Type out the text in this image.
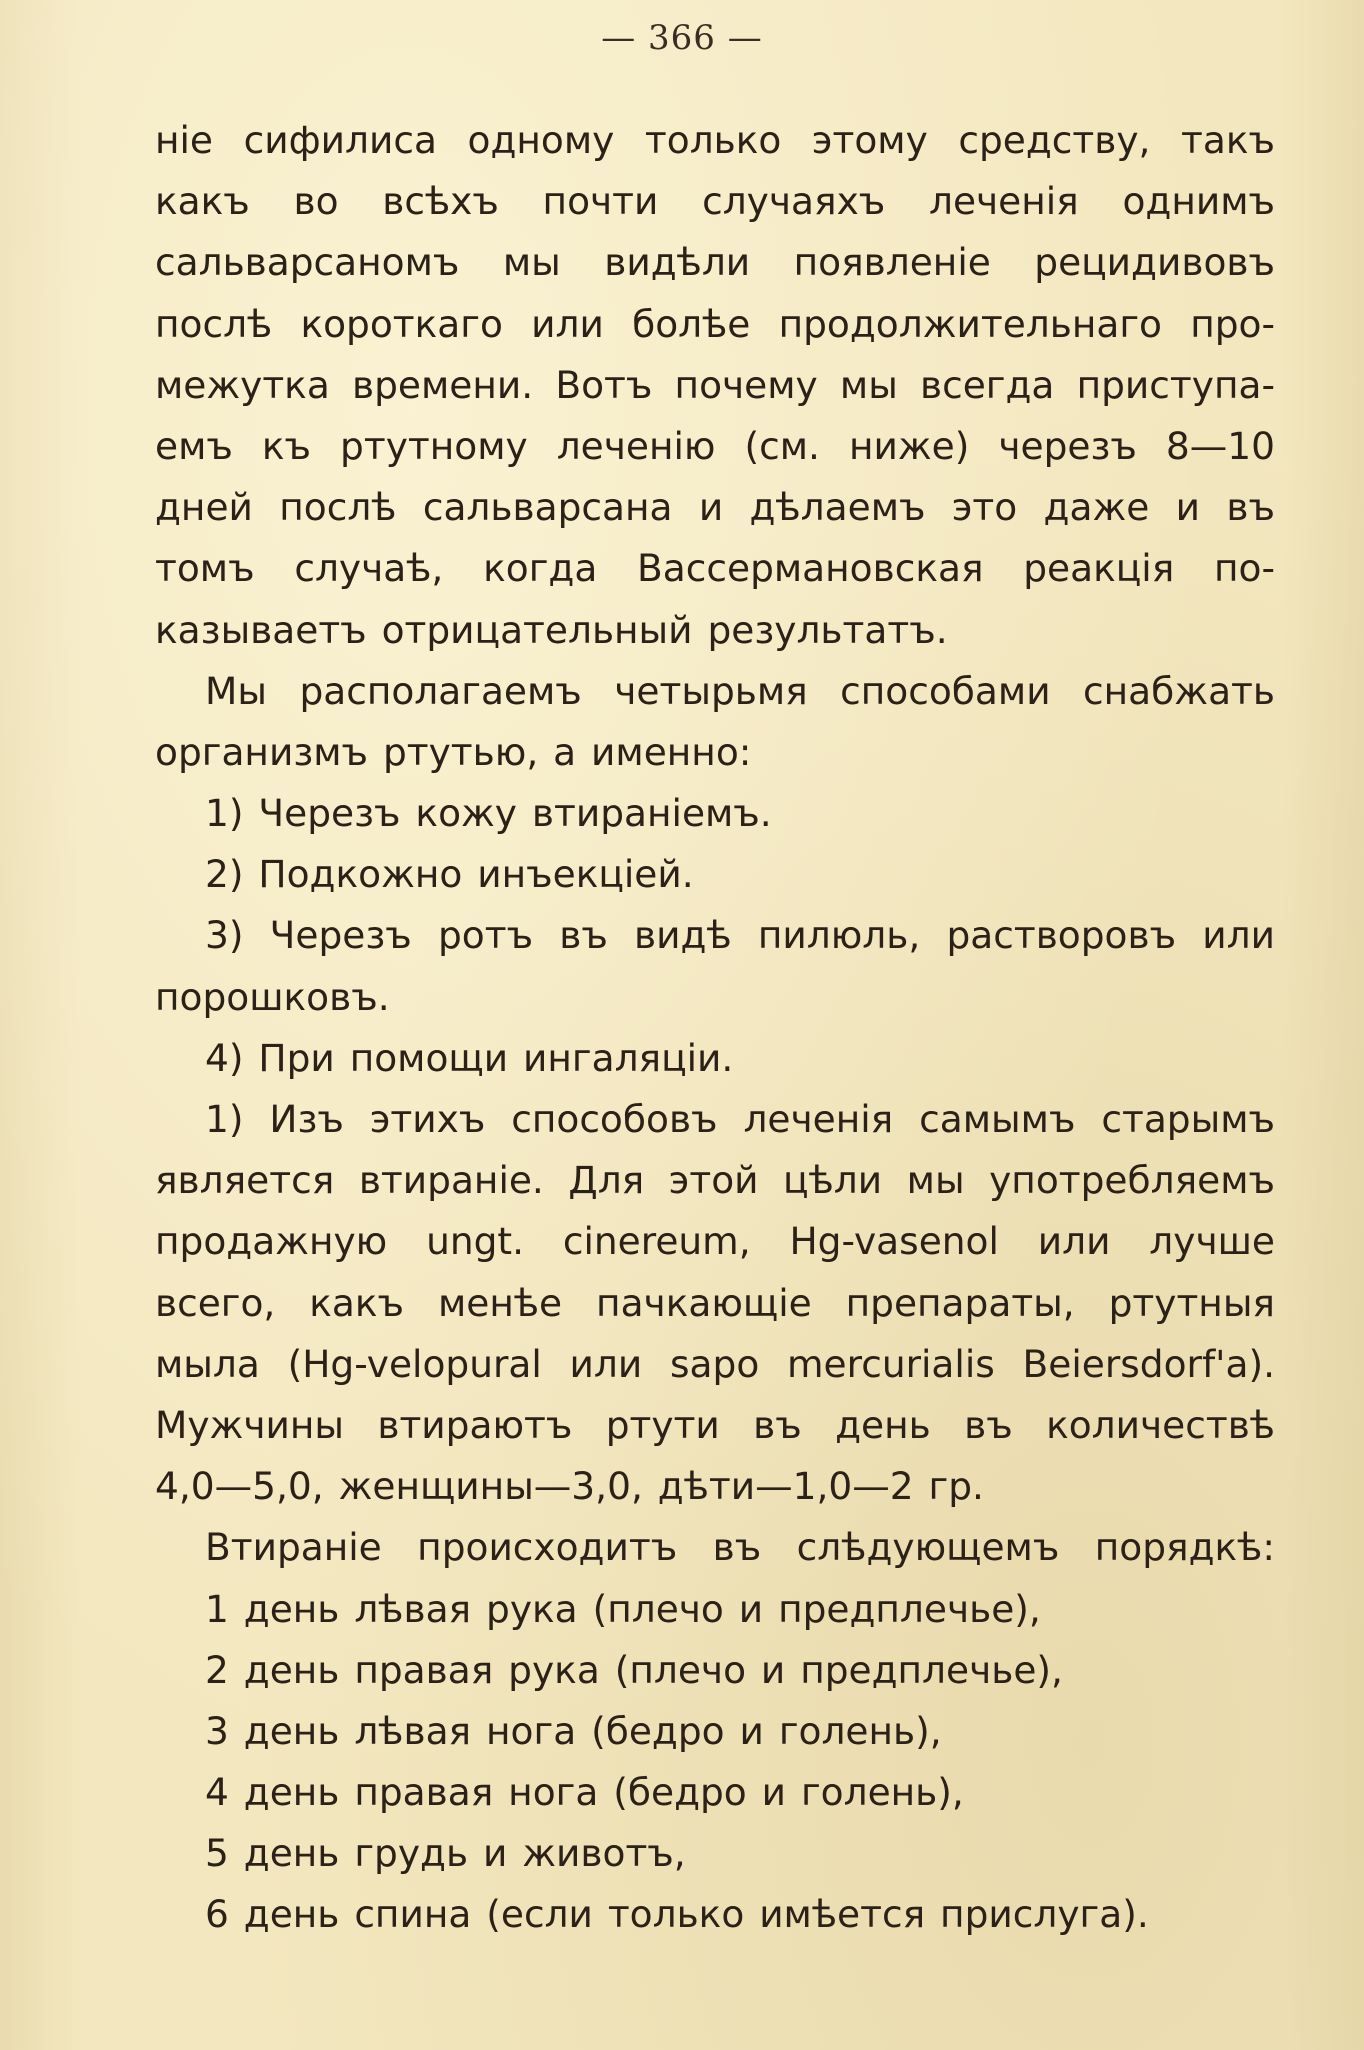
— 366 —
ніе сифилиса одному только этому средству, такъ
какъ во всѣхъ почти случаяхъ леченія однимъ
сальварсаномъ мы видѣли появленіе рецидивовъ
послѣ короткаго или болѣе продолжительнаго про-
межутка времени. Вотъ почему мы всегда приступа-
емъ къ ртутному леченію (см. ниже) черезъ 8—10
дней послѣ сальварсана и дѣлаемъ это даже и въ
томъ случаѣ, когда Вассермановская реакція по-
казываетъ отрицательный результатъ.
Мы располагаемъ четырьмя способами снабжать
организмъ ртутью, а именно:
1) Черезъ кожу втираніемъ.
2) Подкожно инъекціей.
3) Черезъ ротъ въ видѣ пилюль, растворовъ или
порошковъ.
4) При помощи ингаляціи.
1) Изъ этихъ способовъ леченія самымъ старымъ
является втираніе. Для этой цѣли мы употребляемъ
продажную ungt. cinereum, Hg-vasenol или лучше
всего, какъ менѣе пачкающіе препараты, ртутныя
мыла (Hg-velopural или sapo mercurialis Beiersdorf'a).
Мужчины втираютъ ртути въ день въ количествѣ
4,0—5,0, женщины—3,0, дѣти—1,0—2 гр.
Втираніе происходитъ въ слѣдующемъ порядкѣ:
1 день лѣвая рука (плечо и предплечье),
2 день правая рука (плечо и предплечье),
3 день лѣвая нога (бедро и голень),
4 день правая нога (бедро и голень),
5 день грудь и животъ,
6 день спина (если только имѣется прислуга).
